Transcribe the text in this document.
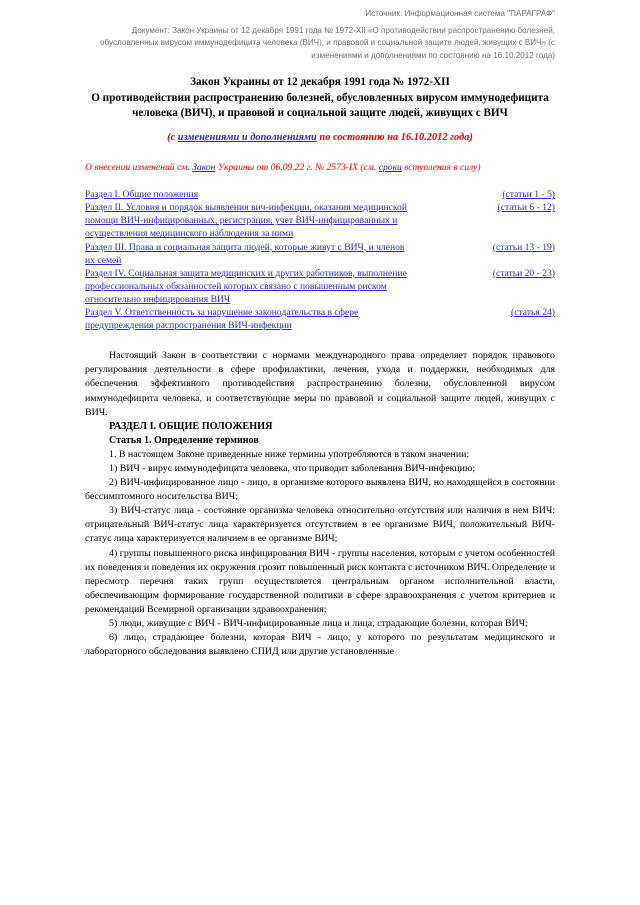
Источник: Информационная система "ПАРАГРАФ"
Документ: Закон Украины от 12 декабря 1991 года № 1972-XII «О противодействии распространению болезней, обусловленных вирусом иммунодефицита человека (ВИЧ), и правовой и социальной защите людей, живущих с ВИЧ» (с изменениями и дополнениями по состоянию на 16.10.2012 года)
Закон Украины от 12 декабря 1991 года № 1972-XII
О противодействии распространению болезней, обусловленных вирусом иммунодефицита человека (ВИЧ), и правовой и социальной защите людей, живущих с ВИЧ
(с изменениями и дополнениями по состоянию на 16.10.2012 года)
О внесении изменений см. Закон Украины от 06.09.22 г. № 2573-IX (см. сроки вступления в силу)
Раздел I. Общие положения	(статьи 1 - 5)
Раздел II. Условия и порядок выявления вич-инфекции, оказания медицинской помощи ВИЧ-инфицированных, регистрация, учет ВИЧ-инфицированных и осуществления медицинского наблюдения за ними
(статьи 6 - 12)
Раздел III. Права и социальная защита людей, которые живут с ВИЧ, и членов их семей
(статьи 13 - 19)
Раздел IV. Социальная защита медицинских и других работников, выполнение профессиональных обязанностей которых связано с повышенным риском относительно инфицирования ВИЧ
(статьи 20 - 23)
Раздел V. Ответственность за нарушение законодательства в сфере предупреждения распространения ВИЧ-инфекции
(статья 24)

Настоящий Закон в соответствии с нормами международного права определяет порядок правового регулирования деятельности в сфере профилактики, лечения, ухода и поддержки, необходимых для обеспечения эффективного противодействия распространению болезни, обусловленной вирусом иммунодефицита человека, и соответствующие меры по правовой и социальной защите людей, живущих с ВИЧ.

РАЗДЕЛ I. ОБЩИЕ ПОЛОЖЕНИЯ

Статья 1. Определение терминов

1. В настоящем Законе приведенные ниже термины употребляются в таком значении:

1) ВИЧ - вирус иммунодефицита человека, что приводит заболевания ВИЧ-инфекцию;

2) ВИЧ-инфицированное лицо - лицо, в организме которого выявлена ВИЧ, но находящейся в состоянии бессимптомного носительства ВИЧ;

3) ВИЧ-статус лица - состояние организма человека относительно отсутствия или наличия в нем ВИЧ: отрицательный ВИЧ-статус лица характеризуется отсутствием в ее организме ВИЧ, положительный ВИЧ-статус лица характеризуется наличием в ее организме ВИЧ;

4) группы повышенного риска инфицирования ВИЧ - группы населения, которым с учетом особенностей их поведения и поведения их окружения грозит повышенный риск контакта с источником ВИЧ. Определение и пересмотр перечня таких групп осуществляется центральным органом исполнительной власти, обеспечивающим формирование государственной политики в сфере здравоохранения с учетом критериев и рекомендаций Всемирной организации здравоохранения;

5) люди, живущие с ВИЧ - ВИЧ-инфицированные лица и лица, страдающие болезни, которая ВИЧ;

6) лицо, страдающее болезни, которая ВИЧ - лицо, у которого по результатам медицинского и лабораторного обследования выявлено СПИД или другие установленные
